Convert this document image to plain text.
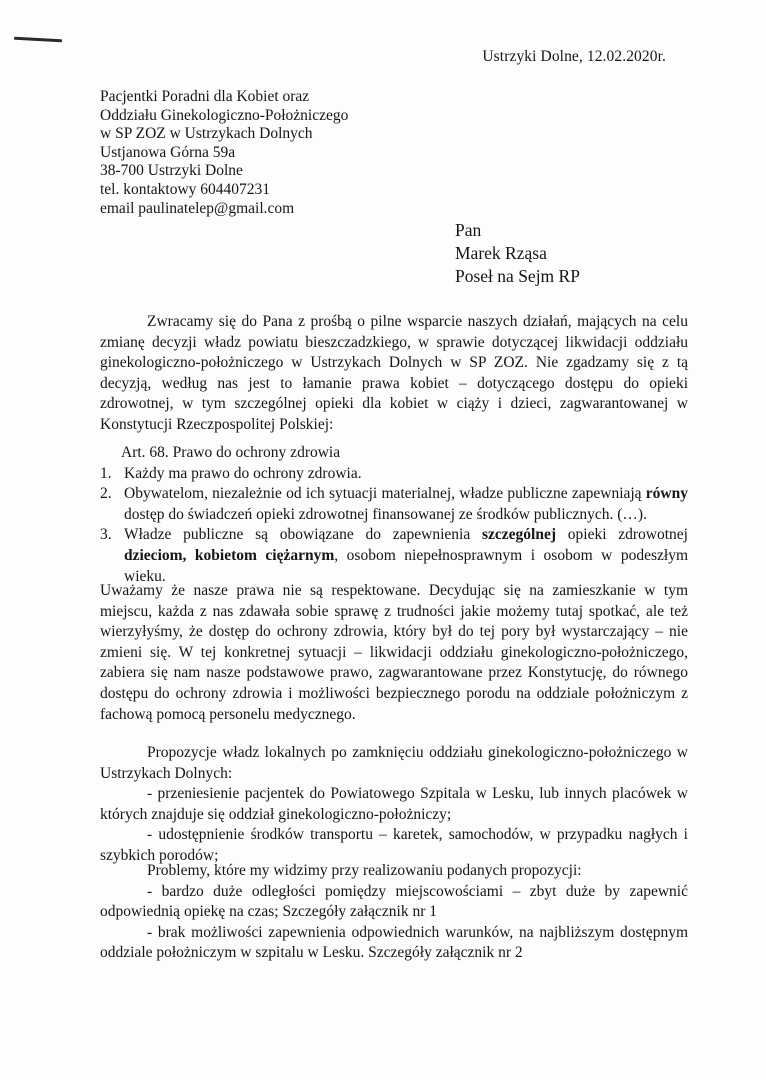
Ustrzyki Dolne, 12.02.2020r.
Pacjentki Poradni dla Kobiet oraz
Oddziału Ginekologiczno-Położniczego
w SP ZOZ w Ustrzykach Dolnych
Ustjanowa Górna 59a
38-700 Ustrzyki Dolne
tel. kontaktowy 604407231
email paulinatelep@gmail.com
Pan
Marek Rząsa
Poseł na Sejm RP
Zwracamy się do Pana z prośbą o pilne wsparcie naszych działań, mających na celu zmianę decyzji władz powiatu bieszczadzkiego, w sprawie dotyczącej likwidacji oddziału ginekologiczno-położniczego w Ustrzykach Dolnych w SP ZOZ. Nie zgadzamy się z tą decyzją, według nas jest to łamanie prawa kobiet – dotyczącego dostępu do opieki zdrowotnej, w tym szczególnej opieki dla kobiet w ciąży i dzieci, zagwarantowanej w Konstytucji Rzeczpospolitej Polskiej:
Art. 68. Prawo do ochrony zdrowia
1. Każdy ma prawo do ochrony zdrowia.
2. Obywatelom, niezależnie od ich sytuacji materialnej, władze publiczne zapewniają równy dostęp do świadczeń opieki zdrowotnej finansowanej ze środków publicznych. (…).
3. Władze publiczne są obowiązane do zapewnienia szczególnej opieki zdrowotnej dzieciom, kobietom ciężarnym, osobom niepełnosprawnym i osobom w podeszłym wieku.
Uważamy że nasze prawa nie są respektowane. Decydując się na zamieszkanie w tym miejscu, każda z nas zdawała sobie sprawę z trudności jakie możemy tutaj spotkać, ale też wierzyłyśmy, że dostęp do ochrony zdrowia, który był do tej pory był wystarczający – nie zmieni się. W tej konkretnej sytuacji – likwidacji oddziału ginekologiczno-położniczego, zabiera się nam nasze podstawowe prawo, zagwarantowane przez Konstytucję, do równego dostępu do ochrony zdrowia i możliwości bezpiecznego porodu na oddziale położniczym z fachową pomocą personelu medycznego.
Propozycje władz lokalnych po zamknięciu oddziału ginekologiczno-położniczego w Ustrzykach Dolnych:
- przeniesienie pacjentek do Powiatowego Szpitala w Lesku, lub innych placówek w których znajduje się oddział ginekologiczno-położniczy;
- udostępnienie środków transportu – karetek, samochodów, w przypadku nagłych i szybkich porodów;
Problemy, które my widzimy przy realizowaniu podanych propozycji:
- bardzo duże odległości pomiędzy miejscowościami – zbyt duże by zapewnić odpowiednią opiekę na czas; Szczegóły załącznik nr 1
- brak możliwości zapewnienia odpowiednich warunków, na najbliższym dostępnym oddziale położniczym w szpitalu w Lesku. Szczegóły załącznik nr 2
